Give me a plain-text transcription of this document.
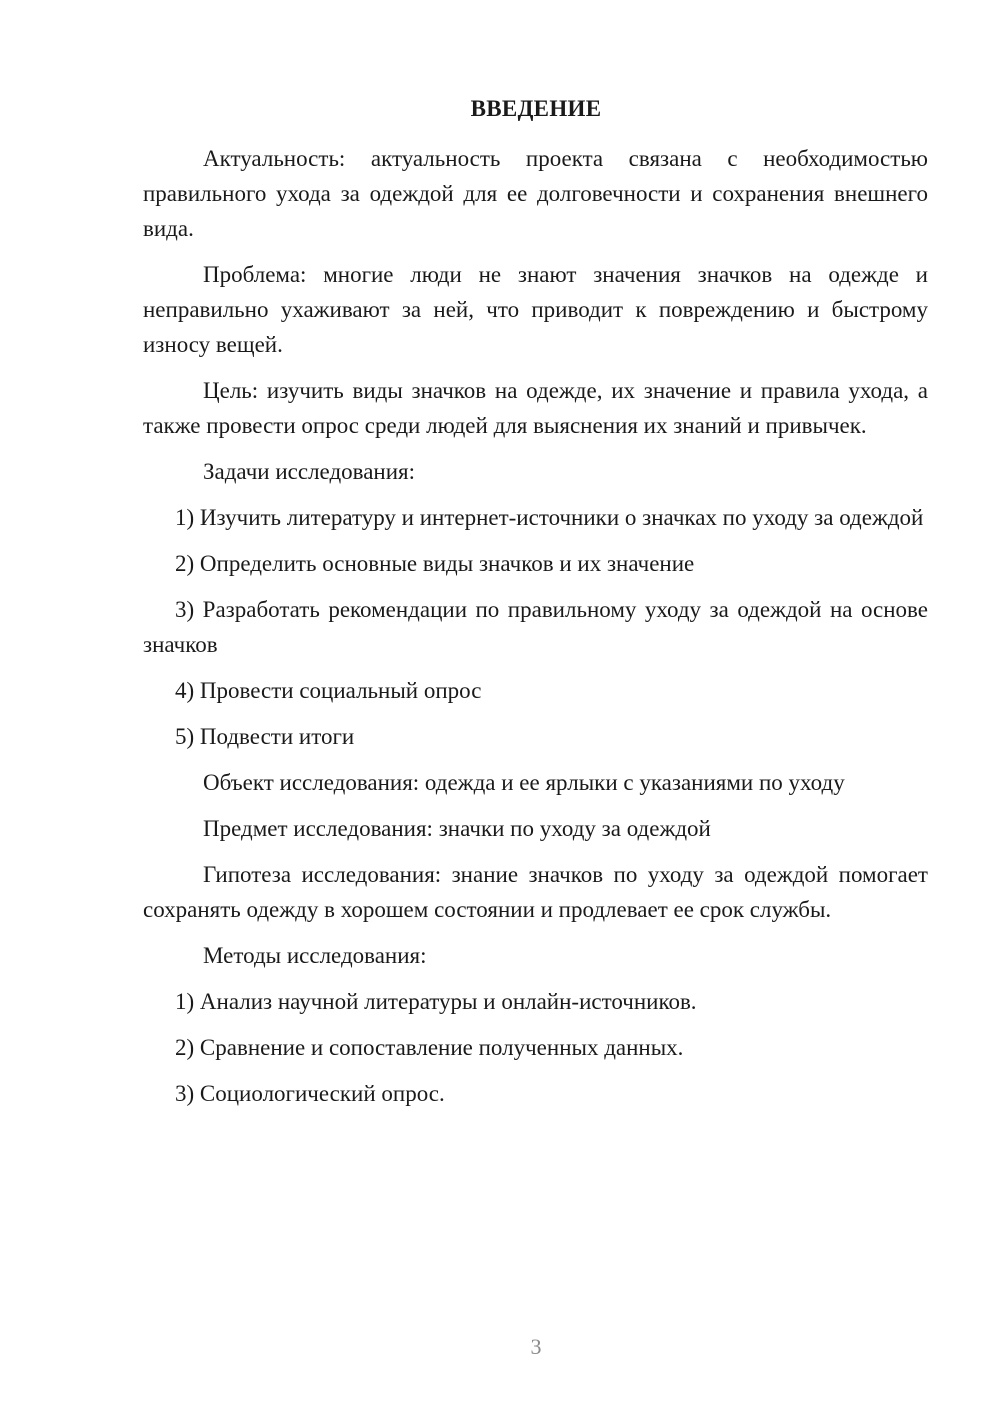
ВВЕДЕНИЕ

Актуальность: актуальность проекта связана с необходимостью правильного ухода за одеждой для ее долговечности и сохранения внешнего вида.

Проблема: многие люди не знают значения значков на одежде и неправильно ухаживают за ней, что приводит к повреждению и быстрому износу вещей.

Цель: изучить виды значков на одежде, их значение и правила ухода, а также провести опрос среди людей для выяснения их знаний и привычек.

Задачи исследования:

1) Изучить литературу и интернет-источники о значках по уходу за одеждой

2) Определить основные виды значков и их значение

3) Разработать рекомендации по правильному уходу за одеждой на основе значков

4) Провести социальный опрос

5) Подвести итоги

Объект исследования: одежда и ее ярлыки с указаниями по уходу

Предмет исследования: значки по уходу за одеждой

Гипотеза исследования: знание значков по уходу за одеждой помогает сохранять одежду в хорошем состоянии и продлевает ее срок службы.

Методы исследования:

1) Анализ научной литературы и онлайн-источников.

2) Сравнение и сопоставление полученных данных.

3) Социологический опрос.

3
